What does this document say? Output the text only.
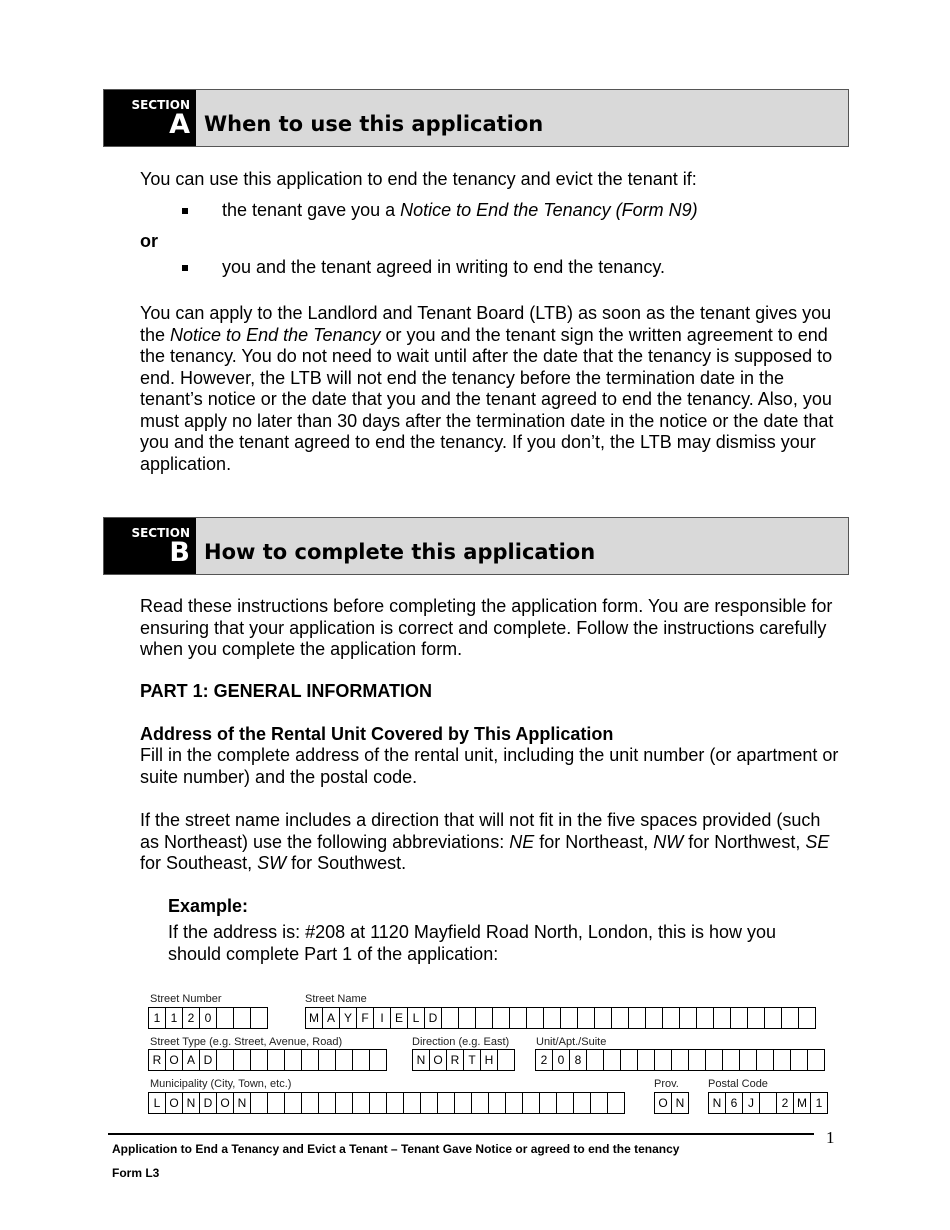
SECTION
A When to use this application
You can use this application to end the tenancy and evict the tenant if:
the tenant gave you a Notice to End the Tenancy (Form N9)
or
you and the tenant agreed in writing to end the tenancy.
You can apply to the Landlord and Tenant Board (LTB) as soon as the tenant gives you the Notice to End the Tenancy or you and the tenant sign the written agreement to end the tenancy. You do not need to wait until after the date that the tenancy is supposed to end. However, the LTB will not end the tenancy before the termination date in the tenant’s notice or the date that you and the tenant agreed to end the tenancy. Also, you must apply no later than 30 days after the termination date in the notice or the date that you and the tenant agreed to end the tenancy. If you don’t, the LTB may dismiss your application.
SECTION
B How to complete this application
Read these instructions before completing the application form. You are responsible for ensuring that your application is correct and complete. Follow the instructions carefully when you complete the application form.
PART 1: GENERAL INFORMATION
Address of the Rental Unit Covered by This Application
Fill in the complete address of the rental unit, including the unit number (or apartment or suite number) and the postal code.
If the street name includes a direction that will not fit in the five spaces provided (such as Northeast) use the following abbreviations: NE for Northeast, NW for Northwest, SE for Southeast, SW for Southwest.
Example:
If the address is: #208 at 1120 Mayfield Road North, London, this is how you should complete Part 1 of the application:
Street Number
1 1 2 0
Street Name
M A Y F I E L D
Street Type (e.g. Street, Avenue, Road)
R O A D
Direction (e.g. East)
N O R T H
Unit/Apt./Suite
2 0 8
Municipality (City, Town, etc.)
L O N D O N
Prov.
O N
Postal Code
N 6 J	2 M 1
Application to End a Tenancy and Evict a Tenant – Tenant Gave Notice or agreed to end the tenancy
Form L3
1
